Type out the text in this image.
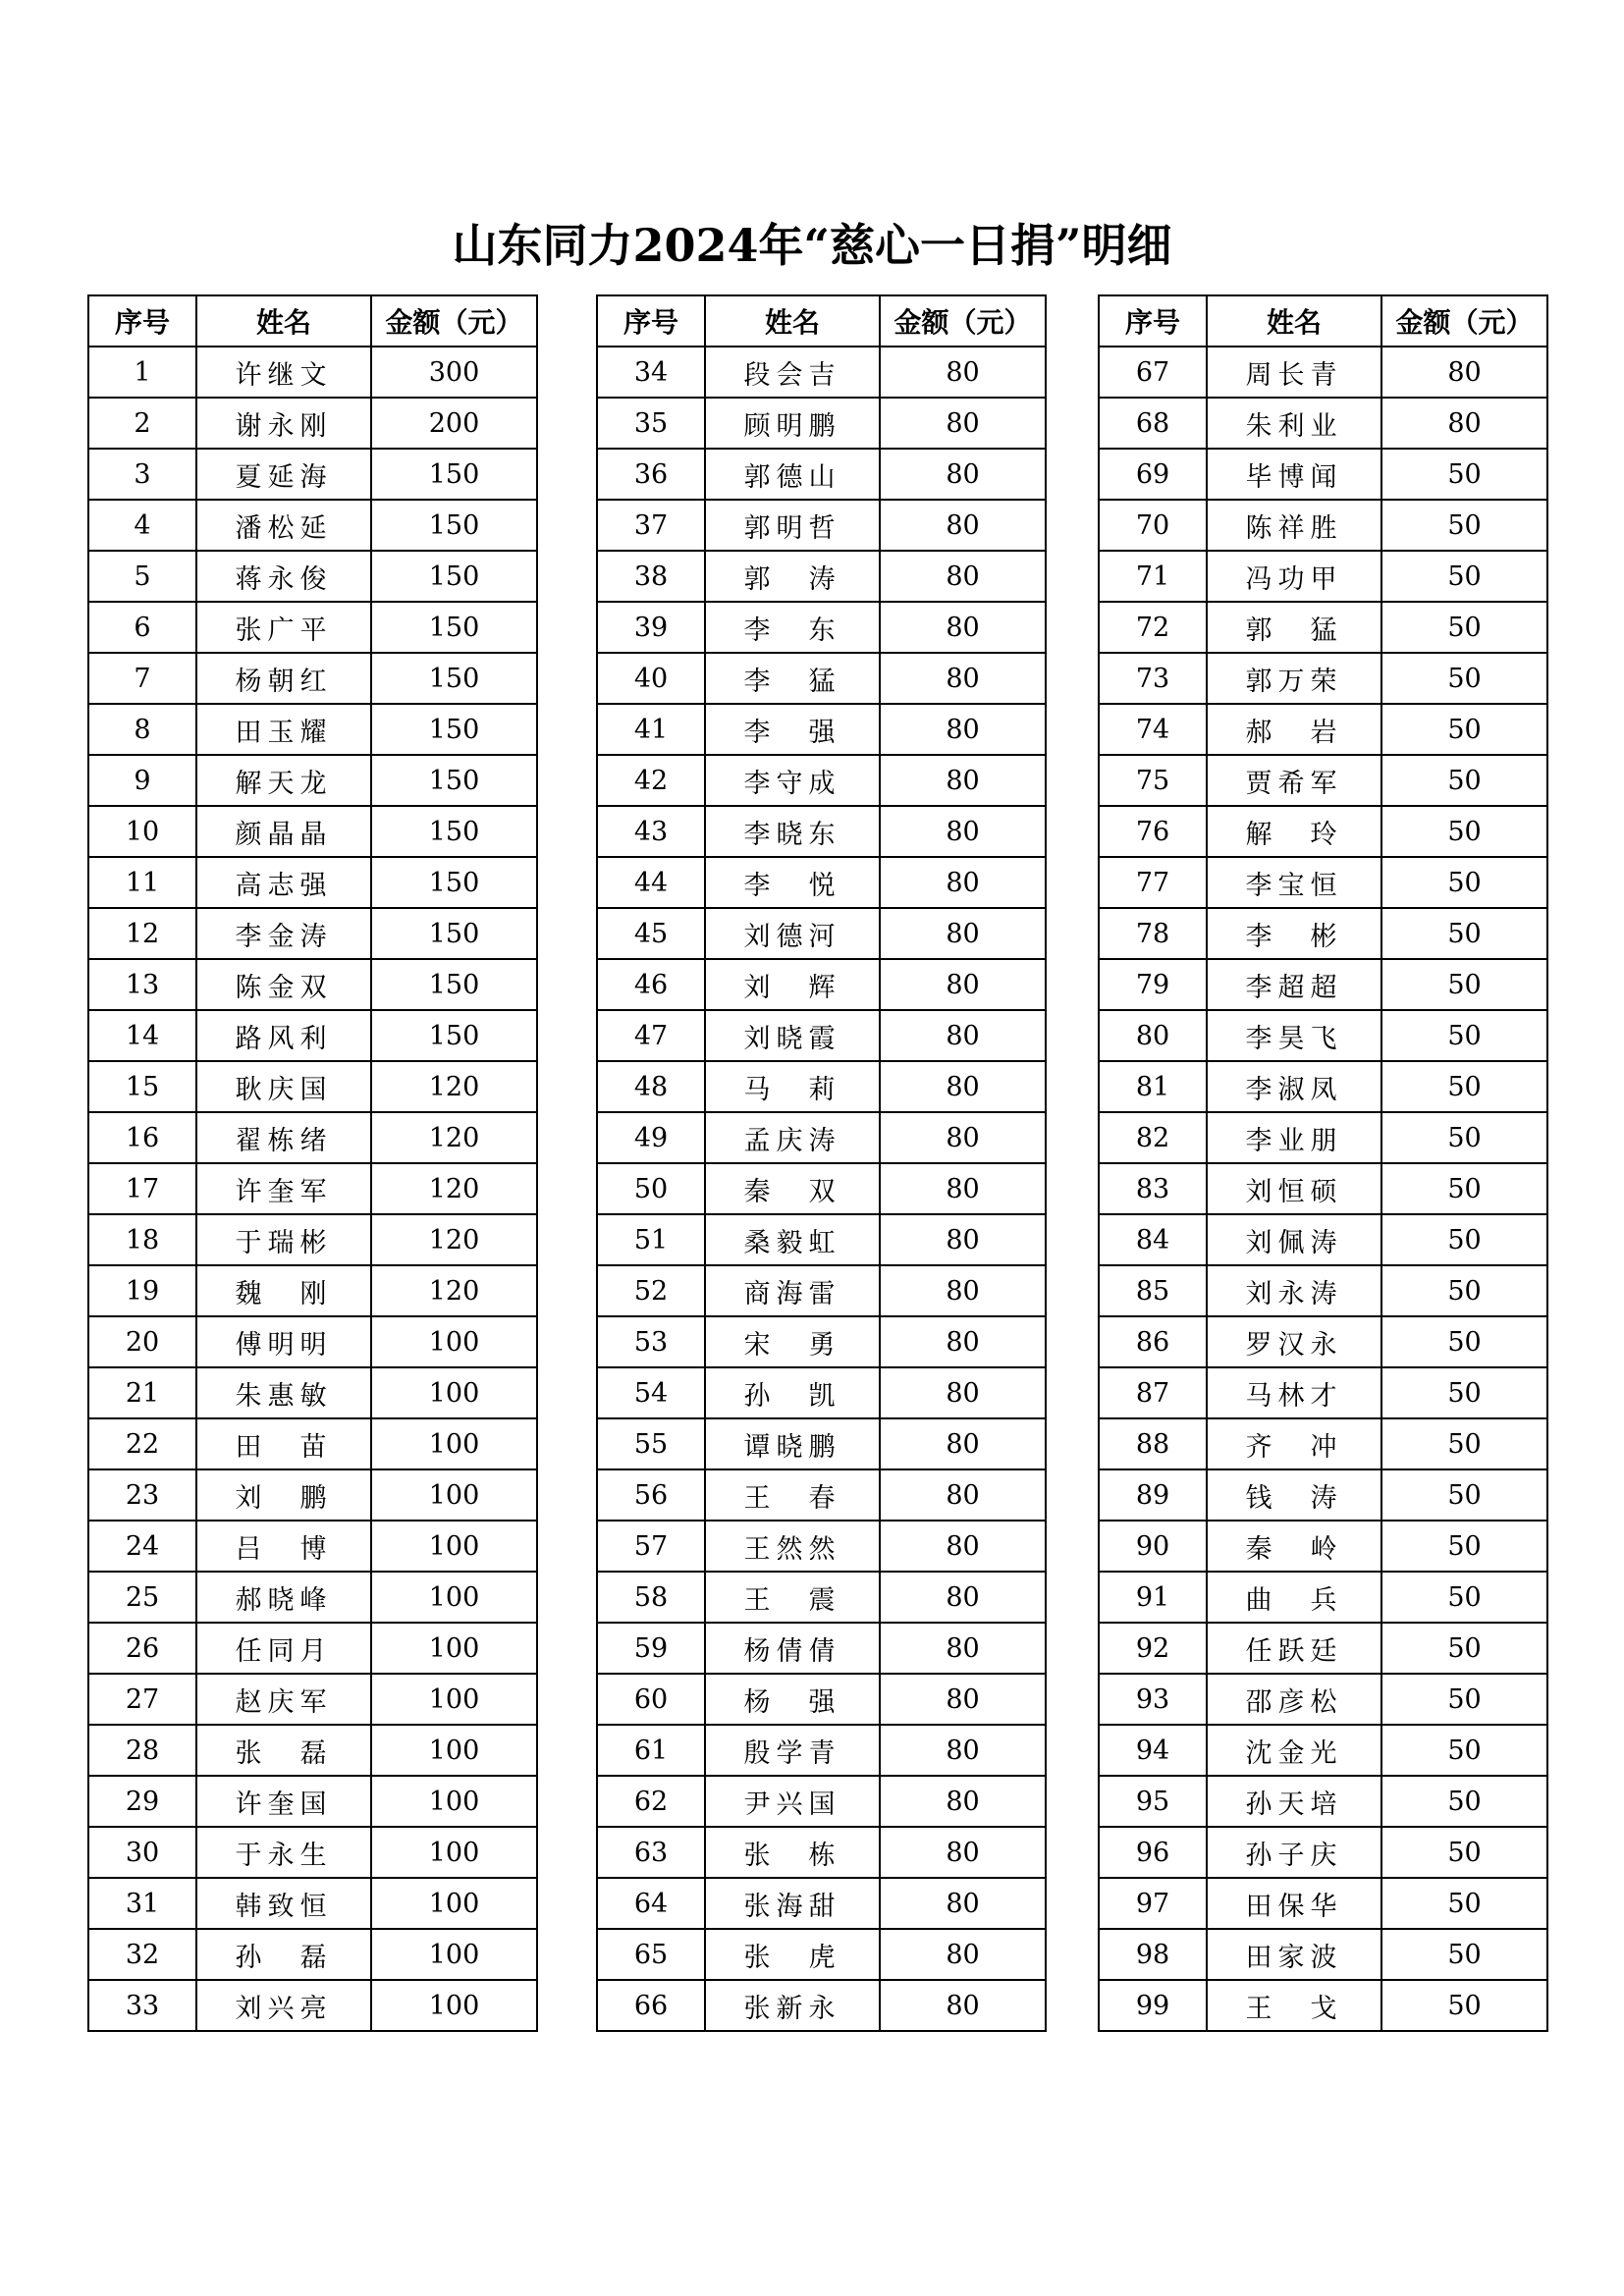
山东同力2024年“慈心一日捐”明细
序号	姓名	金额（元）
1	许继文	300
2	谢永刚	200
3	夏延海	150
4	潘松延	150
5	蒋永俊	150
6	张广平	150
7	杨朝红	150
8	田玉耀	150
9	解天龙	150
10	颜晶晶	150
11	高志强	150
12	李金涛	150
13	陈金双	150
14	路风利	150
15	耿庆国	120
16	翟栋绪	120
17	许奎军	120
18	于瑞彬	120
19	魏　刚	120
20	傅明明	100
21	朱惠敏	100
22	田　苗	100
23	刘　鹏	100
24	吕　博	100
25	郝晓峰	100
26	任同月	100
27	赵庆军	100
28	张　磊	100
29	许奎国	100
30	于永生	100
31	韩致恒	100
32	孙　磊	100
33	刘兴亮	100
序号	姓名	金额（元）
34	段会吉	80
35	顾明鹏	80
36	郭德山	80
37	郭明哲	80
38	郭　涛	80
39	李　东	80
40	李　猛	80
41	李　强	80
42	李守成	80
43	李晓东	80
44	李　悦	80
45	刘德河	80
46	刘　辉	80
47	刘晓霞	80
48	马　莉	80
49	孟庆涛	80
50	秦　双	80
51	桑毅虹	80
52	商海雷	80
53	宋　勇	80
54	孙　凯	80
55	谭晓鹏	80
56	王　春	80
57	王然然	80
58	王　震	80
59	杨倩倩	80
60	杨　强	80
61	殷学青	80
62	尹兴国	80
63	张　栋	80
64	张海甜	80
65	张　虎	80
66	张新永	80
序号	姓名	金额（元）
67	周长青	80
68	朱利业	80
69	毕博闻	50
70	陈祥胜	50
71	冯功甲	50
72	郭　猛	50
73	郭万荣	50
74	郝　岩	50
75	贾希军	50
76	解　玲	50
77	李宝恒	50
78	李　彬	50
79	李超超	50
80	李昊飞	50
81	李淑凤	50
82	李业朋	50
83	刘恒硕	50
84	刘佩涛	50
85	刘永涛	50
86	罗汉永	50
87	马林才	50
88	齐　冲	50
89	钱　涛	50
90	秦　岭	50
91	曲　兵	50
92	任跃廷	50
93	邵彦松	50
94	沈金光	50
95	孙天培	50
96	孙子庆	50
97	田保华	50
98	田家波	50
99	王　戈	50
